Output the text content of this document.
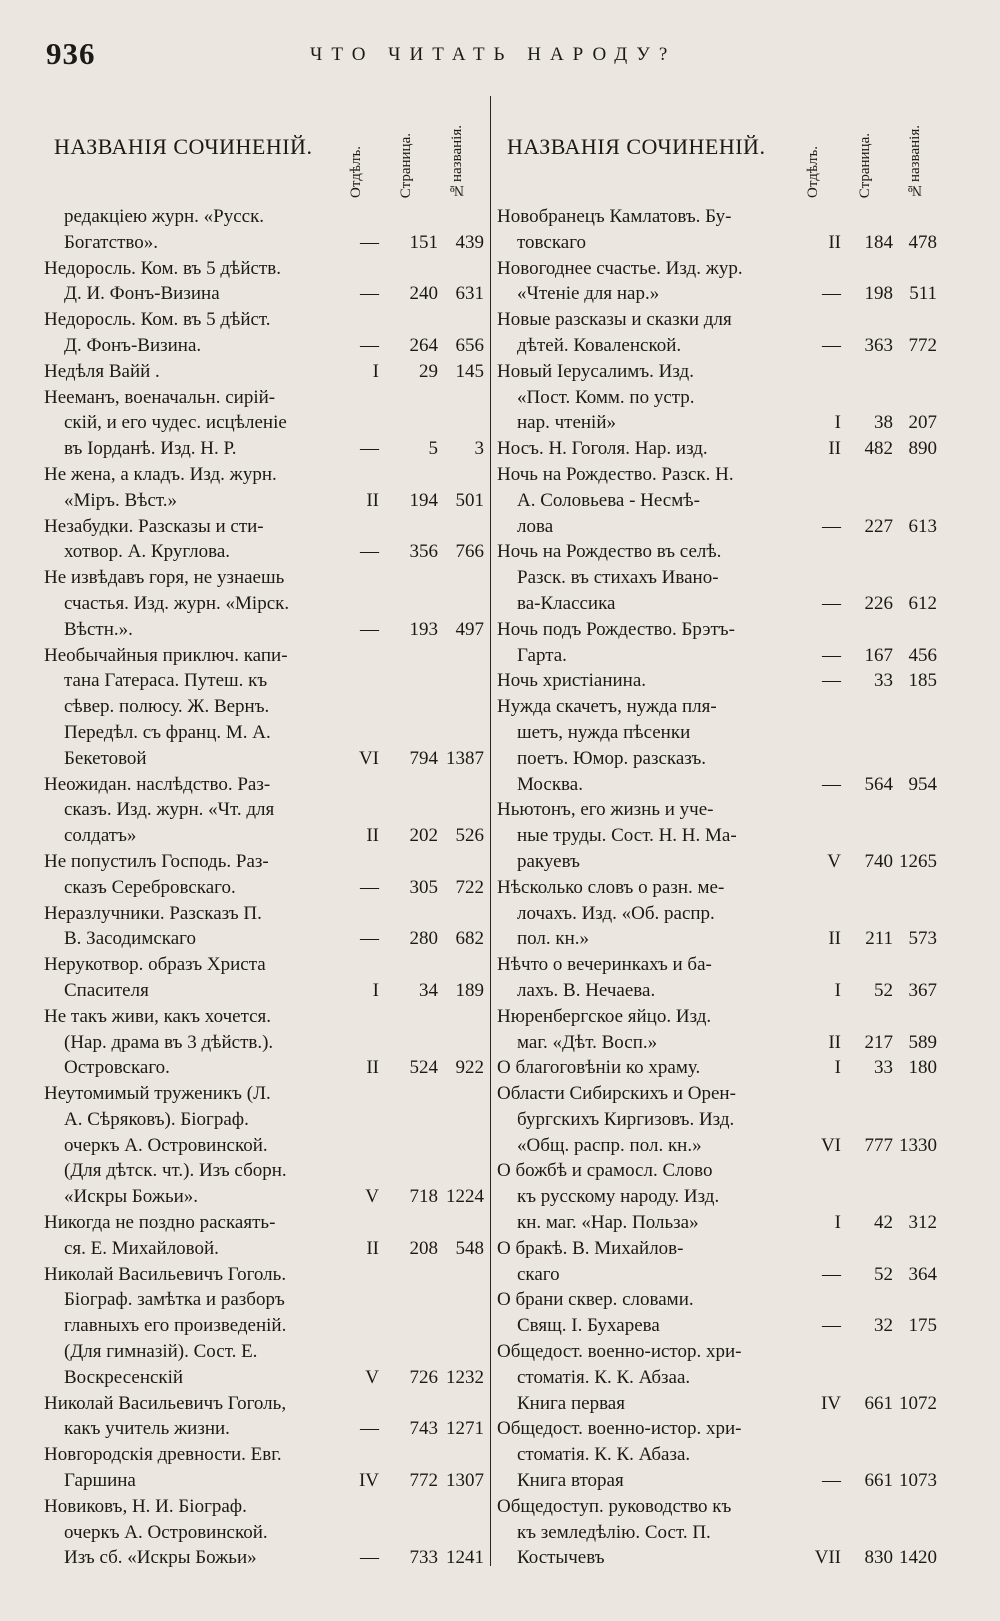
936	ЧТО ЧИТАТЬ НАРОДУ?
НАЗВАНІЯ СОЧИНЕНІЙ. Отдѣлъ. Страница. №названія.
редакціею журн. «Русск.
Богатство».	— 151 439
Недоросль. Ком. въ 5 дѣйств.
Д. И. Фонъ-Визина	— 240 631
Недоросль. Ком. въ 5 дѣйст.
Д. Фонъ-Визина.	— 264 656
Недѣля Вайй .	I 29 145
Нееманъ, военачальн. сирій-
скій, и его чудес. исцѣленіе
въ Іорданѣ. Изд. Н. Р.	—	5 3
Не жена, а кладъ. Изд. журн.
«Міръ. Вѣст.»	II 194 501
Незабудки. Разсказы и сти-
хотвор. А. Круглова.	— 356 766
Не извѣдавъ горя, не узнаешь
счастья. Изд. журн. «Мірск.
Вѣстн.».	— 193 497
Необычайныя приключ. капи-
тана Гатераса. Путеш. къ
сѣвер. полюсу. Ж. Вернъ.
Передѣл. съ франц. М. А.
Бекетовой	VI 794 1387
Неожидан. наслѣдство. Раз-
сказъ. Изд. журн. «Чт. для
солдатъ»	II 202 526
Не попустилъ Господь. Раз-
сказъ Серебровскаго.	— 305 722
Неразлучники. Разсказъ П.
В. Засодимскаго	— 280 682
Нерукотвор. образъ Христа
Спасителя	I 34 189
Не такъ живи, какъ хочется.
(Нар. драма въ 3 дѣйств.).
Островскаго.	II 524 922
Неутомимый труженикъ (Л.
А. Сѣряковъ). Біограф.
очеркъ А. Островинской.
(Для дѣтск. чт.). Изъ сборн.
«Искры Божьи».	V 718 1224
Никогда не поздно раскаять-
ся. Е. Михайловой.	II 208 548
Николай Васильевичъ Гоголь.
Біограф. замѣтка и разборъ
главныхъ его произведеній.
(Для гимназій). Сост. Е.
Воскресенскій	V 726 1232
Николай Васильевичъ Гоголь,
какъ учитель жизни.	— 743 1271
Новгородскія древности. Евг.
Гаршина	IV 772 1307
Новиковъ, Н. И. Біограф.
очеркъ А. Островинской.
Изъ сб. «Искры Божьи»	— 733 1241
НАЗВАНІЯ СОЧИНЕНІЙ.	Отдѣлъ. Страница. №названія.
Новобранецъ Камлатовъ. Бу-
товскаго	II 184 478
Новогоднее счастье. Изд. жур.
«Чтеніе для нар.»	— 198 511
Новые разсказы и сказки для
дѣтей. Коваленской.	— 363 772
Новый Іерусалимъ. Изд.
«Пост. Комм. по устр.
нар. чтеній»	I 38 207
Носъ. Н. Гоголя. Нар. изд.	II 482 890
Ночь на Рождество. Разск. Н.
А. Соловьева - Несмѣ-
лова	— 227 613
Ночь на Рождество въ селѣ.
Разск. въ стихахъ Ивано-
ва-Классика	— 226 612
Ночь подъ Рождество. Брэтъ-
Гарта.	— 167 456
Ночь христіанина.	— 33 185
Нужда скачетъ, нужда пля-
шетъ, нужда пѣсенки
поетъ. Юмор. разсказъ.
Москва.	— 564 954
Ньютонъ, его жизнь и уче-
ные труды. Сост. Н. Н. Ма-
ракуевъ	V 740 1265
Нѣсколько словъ о разн. ме-
лочахъ. Изд. «Об. распр.
пол. кн.»	II 211 573
Нѣчто о вечеринкахъ и ба-
лахъ. В. Нечаева.	I 52 367
Нюренбергское яйцо. Изд.
маг. «Дѣт. Восп.»	II 217 589
О благоговѣніи ко храму.	I 33 180
Области Сибирскихъ и Орен-
бургскихъ Киргизовъ. Изд.
«Общ. распр. пол. кн.»	VI 777 1330
О божбѣ и срамосл. Слово
къ русскому народу. Изд.
кн. маг. «Нар. Польза»	I 42 312
О бракѣ. В. Михайлов-
скаго	— 52 364
О брани сквер. словами.
Свящ. І. Бухарева	— 32 175
Общедост. военно-истор. хри-
стоматія. К. К. Абзаа.
Книга первая	IV 661 1072
Общедост. военно-истор. хри-
стоматія. К. К. Абаза.
Книга вторая	— 661 1073
Общедоступ. руководство къ
къ земледѣлію. Сост. П.
Костычевъ	VII 830 1420
